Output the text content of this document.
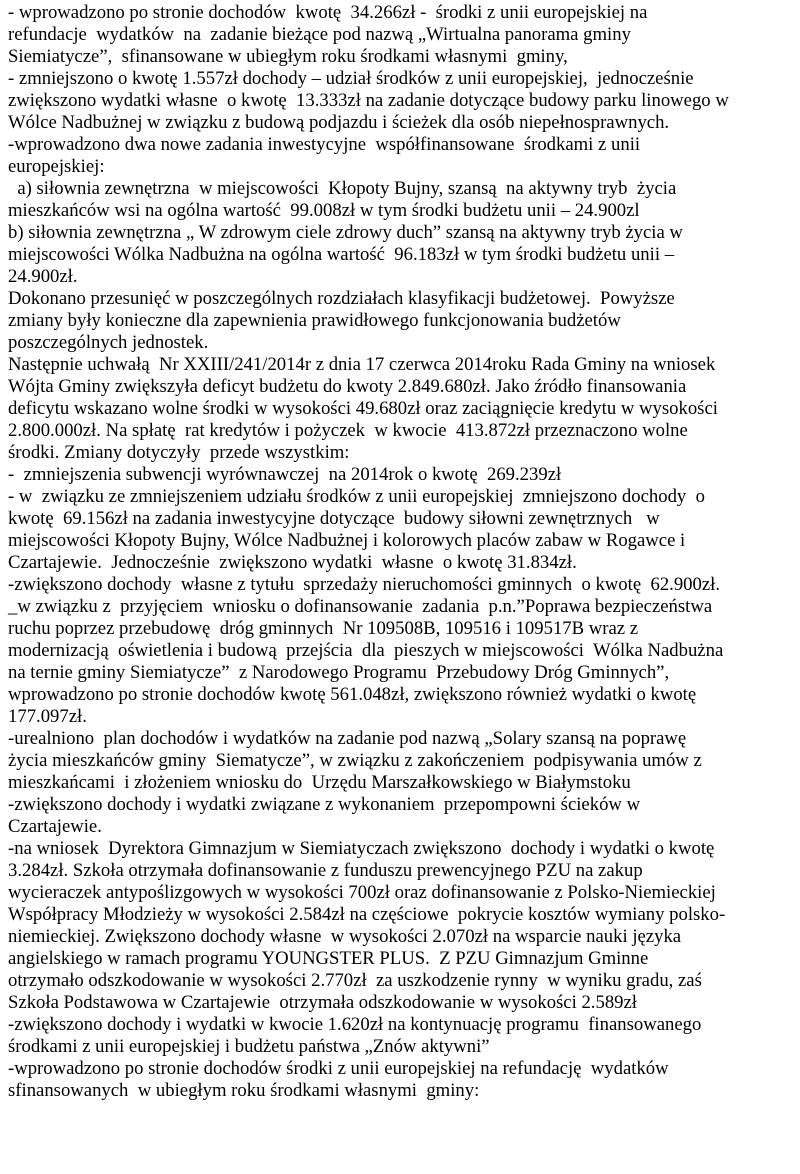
- wprowadzono po stronie dochodów  kwotę  34.266zł -  środki z unii europejskiej na
refundacje  wydatków  na  zadanie bieżące pod nazwą „Wirtualna panorama gminy
Siemiatycze”,  sfinansowane w ubiegłym roku środkami własnymi  gminy,
- zmniejszono o kwotę 1.557zł dochody – udział środków z unii europejskiej,  jednocześnie
zwiększono wydatki własne  o kwotę  13.333zł na zadanie dotyczące budowy parku linowego w
Wólce Nadbużnej w związku z budową podjazdu i ścieżek dla osób niepełnosprawnych.
-wprowadzono dwa nowe zadania inwestycyjne  współfinansowane  środkami z unii
europejskiej:
a) siłownia zewnętrzna  w miejscowości  Kłopoty Bujny, szansą  na aktywny tryb  życia
mieszkańców wsi na ogólna wartość  99.008zł w tym środki budżetu unii – 24.900zl
b) siłownia zewnętrzna „ W zdrowym ciele zdrowy duch” szansą na aktywny tryb życia w
miejscowości Wólka Nadbużna na ogólna wartość  96.183zł w tym środki budżetu unii –
24.900zł.
Dokonano przesunięć w poszczególnych rozdziałach klasyfikacji budżetowej.  Powyższe
zmiany były konieczne dla zapewnienia prawidłowego funkcjonowania budżetów
poszczególnych jednostek.
Następnie uchwałą  Nr XXIII/241/2014r z dnia 17 czerwca 2014roku Rada Gminy na wniosek
Wójta Gminy zwiększyła deficyt budżetu do kwoty 2.849.680zł. Jako źródło finansowania
deficytu wskazano wolne środki w wysokości 49.680zł oraz zaciągnięcie kredytu w wysokości
2.800.000zł. Na spłatę  rat kredytów i pożyczek  w kwocie  413.872zł przeznaczono wolne
środki. Zmiany dotyczyły  przede wszystkim:
-  zmniejszenia subwencji wyrównawczej  na 2014rok o kwotę  269.239zł
- w  związku ze zmniejszeniem udziału środków z unii europejskiej  zmniejszono dochody  o
kwotę  69.156zł na zadania inwestycyjne dotyczące  budowy siłowni zewnętrznych   w
miejscowości Kłopoty Bujny, Wólce Nadbużnej i kolorowych placów zabaw w Rogawce i
Czartajewie.  Jednocześnie  zwiększono wydatki  własne  o kwotę 31.834zł.
-zwiększono dochody  własne z tytułu  sprzedaży nieruchomości gminnych  o kwotę  62.900zł.
_w związku z  przyjęciem  wniosku o dofinansowanie  zadania  p.n.”Poprawa bezpieczeństwa
ruchu poprzez przebudowę  dróg gminnych  Nr 109508B, 109516 i 109517B wraz z
modernizacją  oświetlenia i budową  przejścia  dla  pieszych w miejscowości  Wólka Nadbużna
na ternie gminy Siemiatycze”  z Narodowego Programu  Przebudowy Dróg Gminnych”,
wprowadzono po stronie dochodów kwotę 561.048zł, zwiększono również wydatki o kwotę
177.097zł.
-urealniono  plan dochodów i wydatków na zadanie pod nazwą „Solary szansą na poprawę
życia mieszkańców gminy  Siematycze”, w związku z zakończeniem  podpisywania umów z
mieszkańcami  i złożeniem wniosku do  Urzędu Marszałkowskiego w Białymstoku
-zwiększono dochody i wydatki związane z wykonaniem  przepompowni ścieków w
Czartajewie.
-na wniosek  Dyrektora Gimnazjum w Siemiatyczach zwiększono  dochody i wydatki o kwotę
3.284zł. Szkoła otrzymała dofinansowanie z funduszu prewencyjnego PZU na zakup
wycieraczek antypoślizgowych w wysokości 700zł oraz dofinansowanie z Polsko-Niemieckiej
Współpracy Młodzieży w wysokości 2.584zł na częściowe  pokrycie kosztów wymiany polsko-
niemieckiej. Zwiększono dochody własne  w wysokości 2.070zł na wsparcie nauki języka
angielskiego w ramach programu YOUNGSTER PLUS.  Z PZU Gimnazjum Gminne
otrzymało odszkodowanie w wysokości 2.770zł  za uszkodzenie rynny  w wyniku gradu, zaś
Szkoła Podstawowa w Czartajewie  otrzymała odszkodowanie w wysokości 2.589zł
-zwiększono dochody i wydatki w kwocie 1.620zł na kontynuację programu  finansowanego
środkami z unii europejskiej i budżetu państwa „Znów aktywni”
-wprowadzono po stronie dochodów środki z unii europejskiej na refundację  wydatków
sfinansowanych  w ubiegłym roku środkami własnymi  gminy:
